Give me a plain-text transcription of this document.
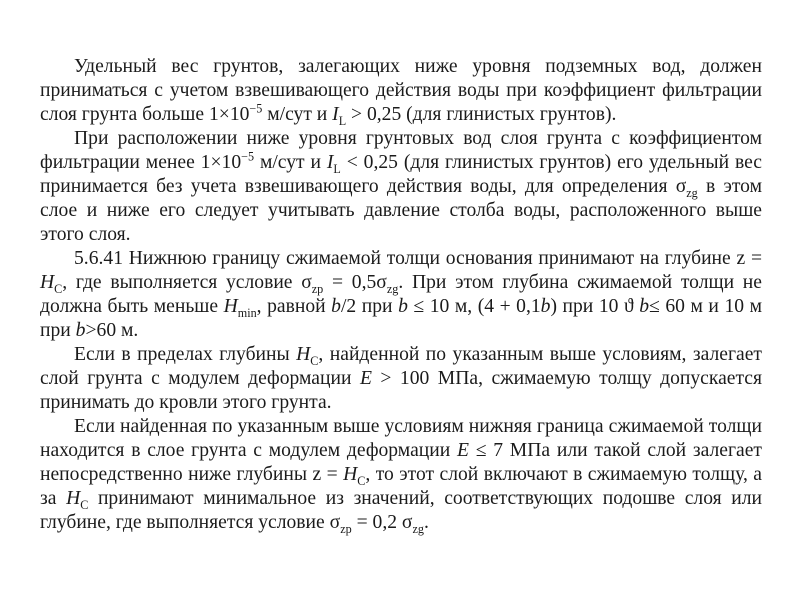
Удельный вес грунтов, залегающих ниже уровня подземных вод, должен приниматься с учетом взвешивающего действия воды при коэффициент фильтрации слоя грунта больше $1\times 10^{-5}$ м/сут и $I_L > 0,25$ (для глинистых грунтов).

При расположении ниже уровня грунтовых вод слоя грунта с коэффициентом фильтрации менее $1\times 10^{-5}$ м/сут и $I_L < 0,25$ (для глинистых грунтов) его удельный вес принимается без учета взвешивающего действия воды, для определения $\sigma_{zg}$ в этом слое и ниже его следует учитывать давление столба воды, расположенного выше этого слоя.

5.6.41 Нижнюю границу сжимаемой толщи основания принимают на глубине $z = H_C$, где выполняется условие $\sigma_{zp} = 0,5\sigma_{zg}$. При этом глубина сжимаемой толщи не должна быть меньше $H_{min}$, равной b/2 при b ≤ 10 м, (4 + 0,1b) при 10 ϑ b≤ 60 м и 10 м при b>60 м.

Если в пределах глубины $H_C$, найденной по указанным выше условиям, залегает слой грунта с модулем деформации E > 100 МПа, сжимаемую толщу допускается принимать до кровли этого грунта.

Если найденная по указанным выше условиям нижняя граница сжимаемой толщи находится в слое грунта с модулем деформации E ≤ 7 МПа или такой слой залегает непосредственно ниже глубины $z = H_C$, то этот слой включают в сжимаемую толщу, а за $H_C$ принимают минимальное из значений, соответствующих подошве слоя или глубине, где выполняется условие $\sigma_{zp} = 0,2$ $\sigma_{zg}$.
